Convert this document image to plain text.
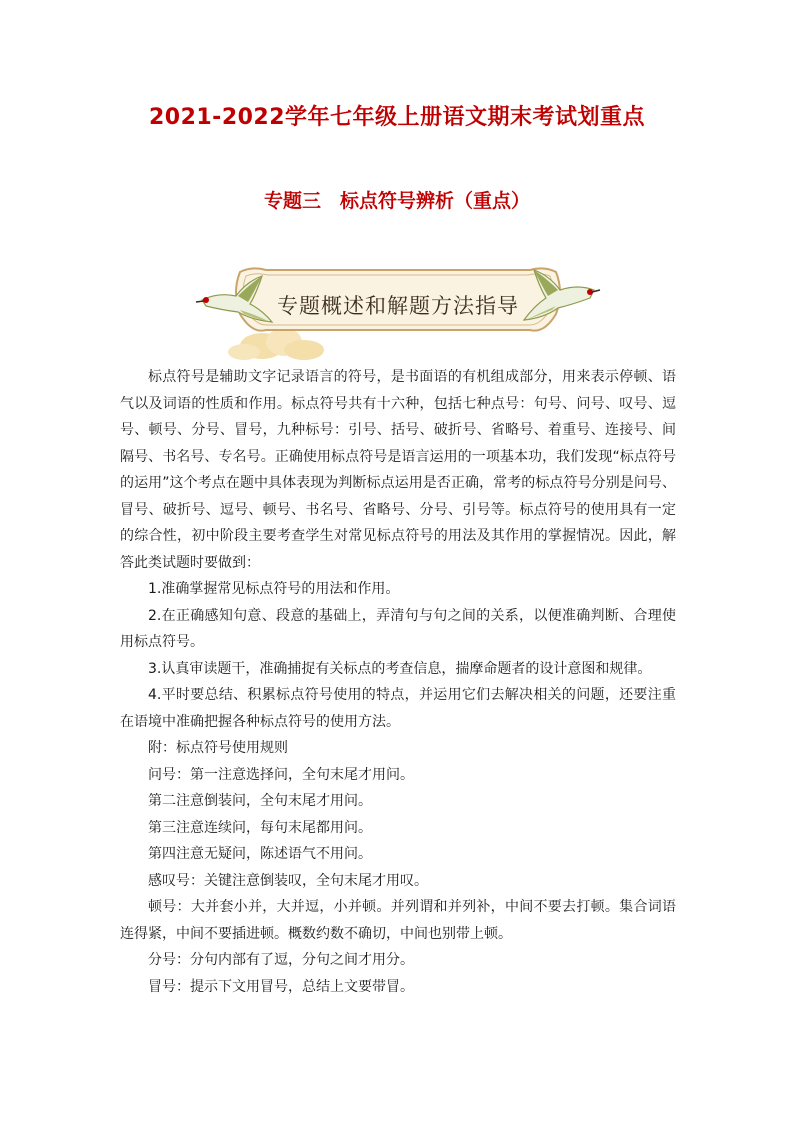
2021-2022学年七年级上册语文期末考试划重点
专题三　标点符号辨析（重点）
专题概述和解题方法指导

标点符号是辅助文字记录语言的符号，是书面语的有机组成部分，用来表示停顿、语气以及词语的性质和作用。标点符号共有十六种，包括七种点号：句号、问号、叹号、逗号、顿号、分号、冒号，九种标号：引号、括号、破折号、省略号、着重号、连接号、间隔号、书名号、专名号。正确使用标点符号是语言运用的一项基本功，我们发现“标点符号的运用”这个考点在题中具体表现为判断标点运用是否正确，常考的标点符号分别是问号、冒号、破折号、逗号、顿号、书名号、省略号、分号、引号等。标点符号的使用具有一定的综合性，初中阶段主要考查学生对常见标点符号的用法及其作用的掌握情况。因此，解答此类试题时要做到：

1.准确掌握常见标点符号的用法和作用。

2.在正确感知句意、段意的基础上，弄清句与句之间的关系，以便准确判断、合理使用标点符号。

3.认真审读题干，准确捕捉有关标点的考查信息，揣摩命题者的设计意图和规律。

4.平时要总结、积累标点符号使用的特点，并运用它们去解决相关的问题，还要注重在语境中准确把握各种标点符号的使用方法。

附：标点符号使用规则

问号：第一注意选择问，全句末尾才用问。

第二注意倒装问，全句末尾才用问。

第三注意连续问，每句末尾都用问。

第四注意无疑问，陈述语气不用问。

感叹号：关键注意倒装叹，全句末尾才用叹。

顿号：大并套小并，大并逗，小并顿。并列谓和并列补，中间不要去打顿。集合词语连得紧，中间不要插进顿。概数约数不确切，中间也别带上顿。

分号：分句内部有了逗，分句之间才用分。

冒号：提示下文用冒号，总结上文要带冒。
